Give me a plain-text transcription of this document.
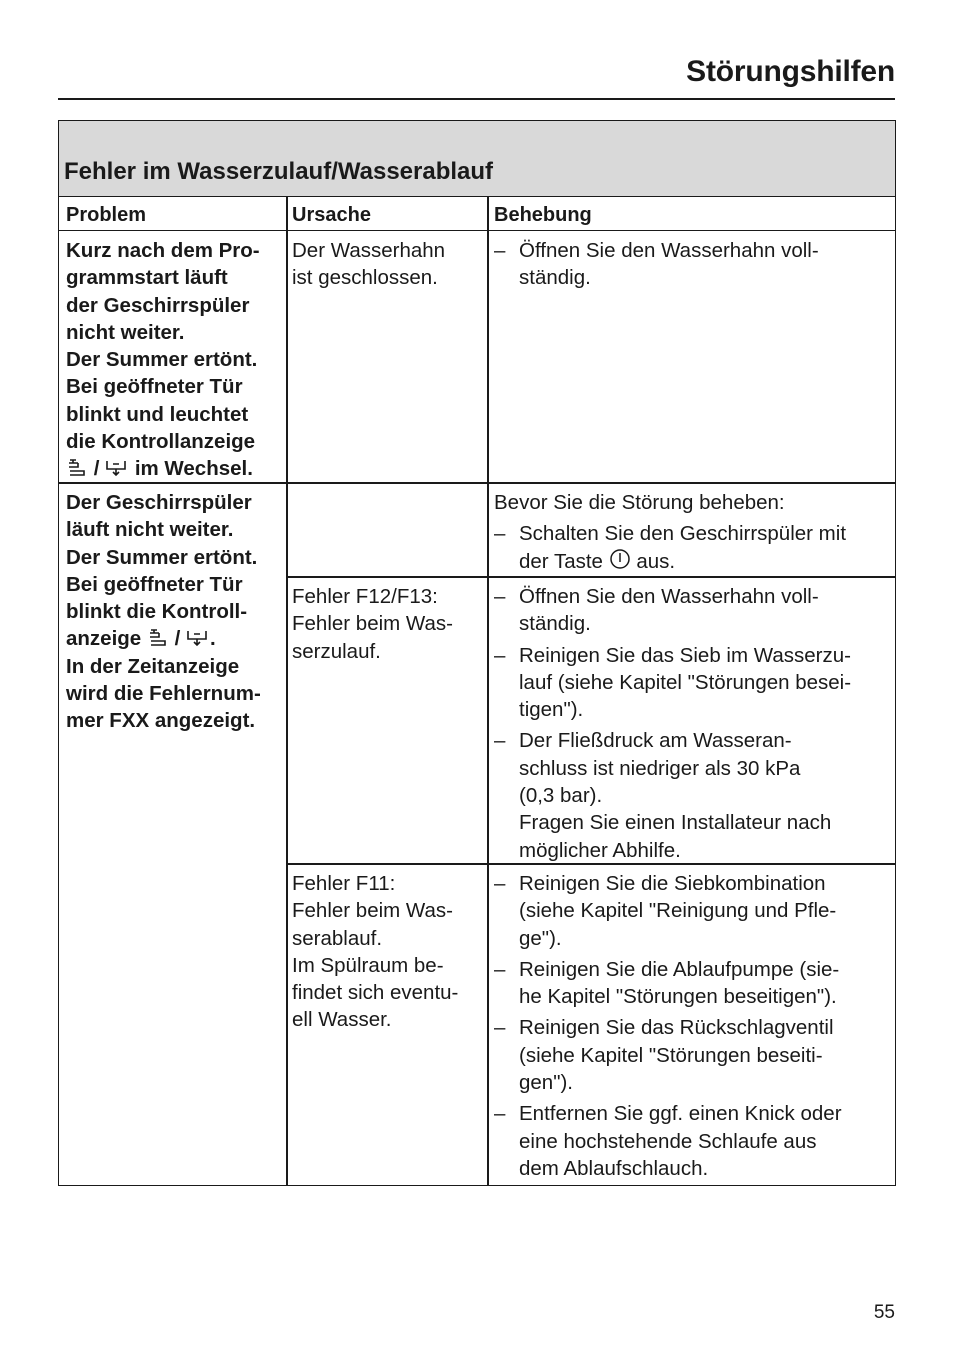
Störungshilfen
Fehler im Wasserzulauf/Wasserablauf
Problem	Ursache	Behebung
Kurz nach dem Pro-
grammstart läuft
der Geschirrspüler
nicht weiter.
Der Summer ertönt.
Bei geöffneter Tür
blinkt und leuchtet
die Kontrollanzeige
/ im Wechsel.
Der Wasserhahn
ist geschlossen.
– Öffnen Sie den Wasserhahn voll-
ständig.
Der Geschirrspüler
läuft nicht weiter.
Der Summer ertönt.
Bei geöffneter Tür
blinkt die Kontroll-
anzeige / .
In der Zeitanzeige
wird die Fehlernum-
mer FXX angezeigt.
Bevor Sie die Störung beheben:
– Schalten Sie den Geschirrspüler mit
der Taste aus.
Fehler F12/F13:
Fehler beim Was-
serzulauf.
– Öffnen Sie den Wasserhahn voll-
ständig.
– Reinigen Sie das Sieb im Wasserzu-
lauf (siehe Kapitel "Störungen besei-
tigen").
– Der Fließdruck am Wasseran-
schluss ist niedriger als 30 kPa
(0,3 bar).
Fragen Sie einen Installateur nach
möglicher Abhilfe.
Fehler F11:
Fehler beim Was-
serablauf.
Im Spülraum be-
findet sich eventu-
ell Wasser.
– Reinigen Sie die Siebkombination
(siehe Kapitel "Reinigung und Pfle-
ge").
– Reinigen Sie die Ablaufpumpe (sie-
he Kapitel "Störungen beseitigen").
– Reinigen Sie das Rückschlagventil
(siehe Kapitel "Störungen beseiti-
gen").
– Entfernen Sie ggf. einen Knick oder
eine hochstehende Schlaufe aus
dem Ablaufschlauch.
55
